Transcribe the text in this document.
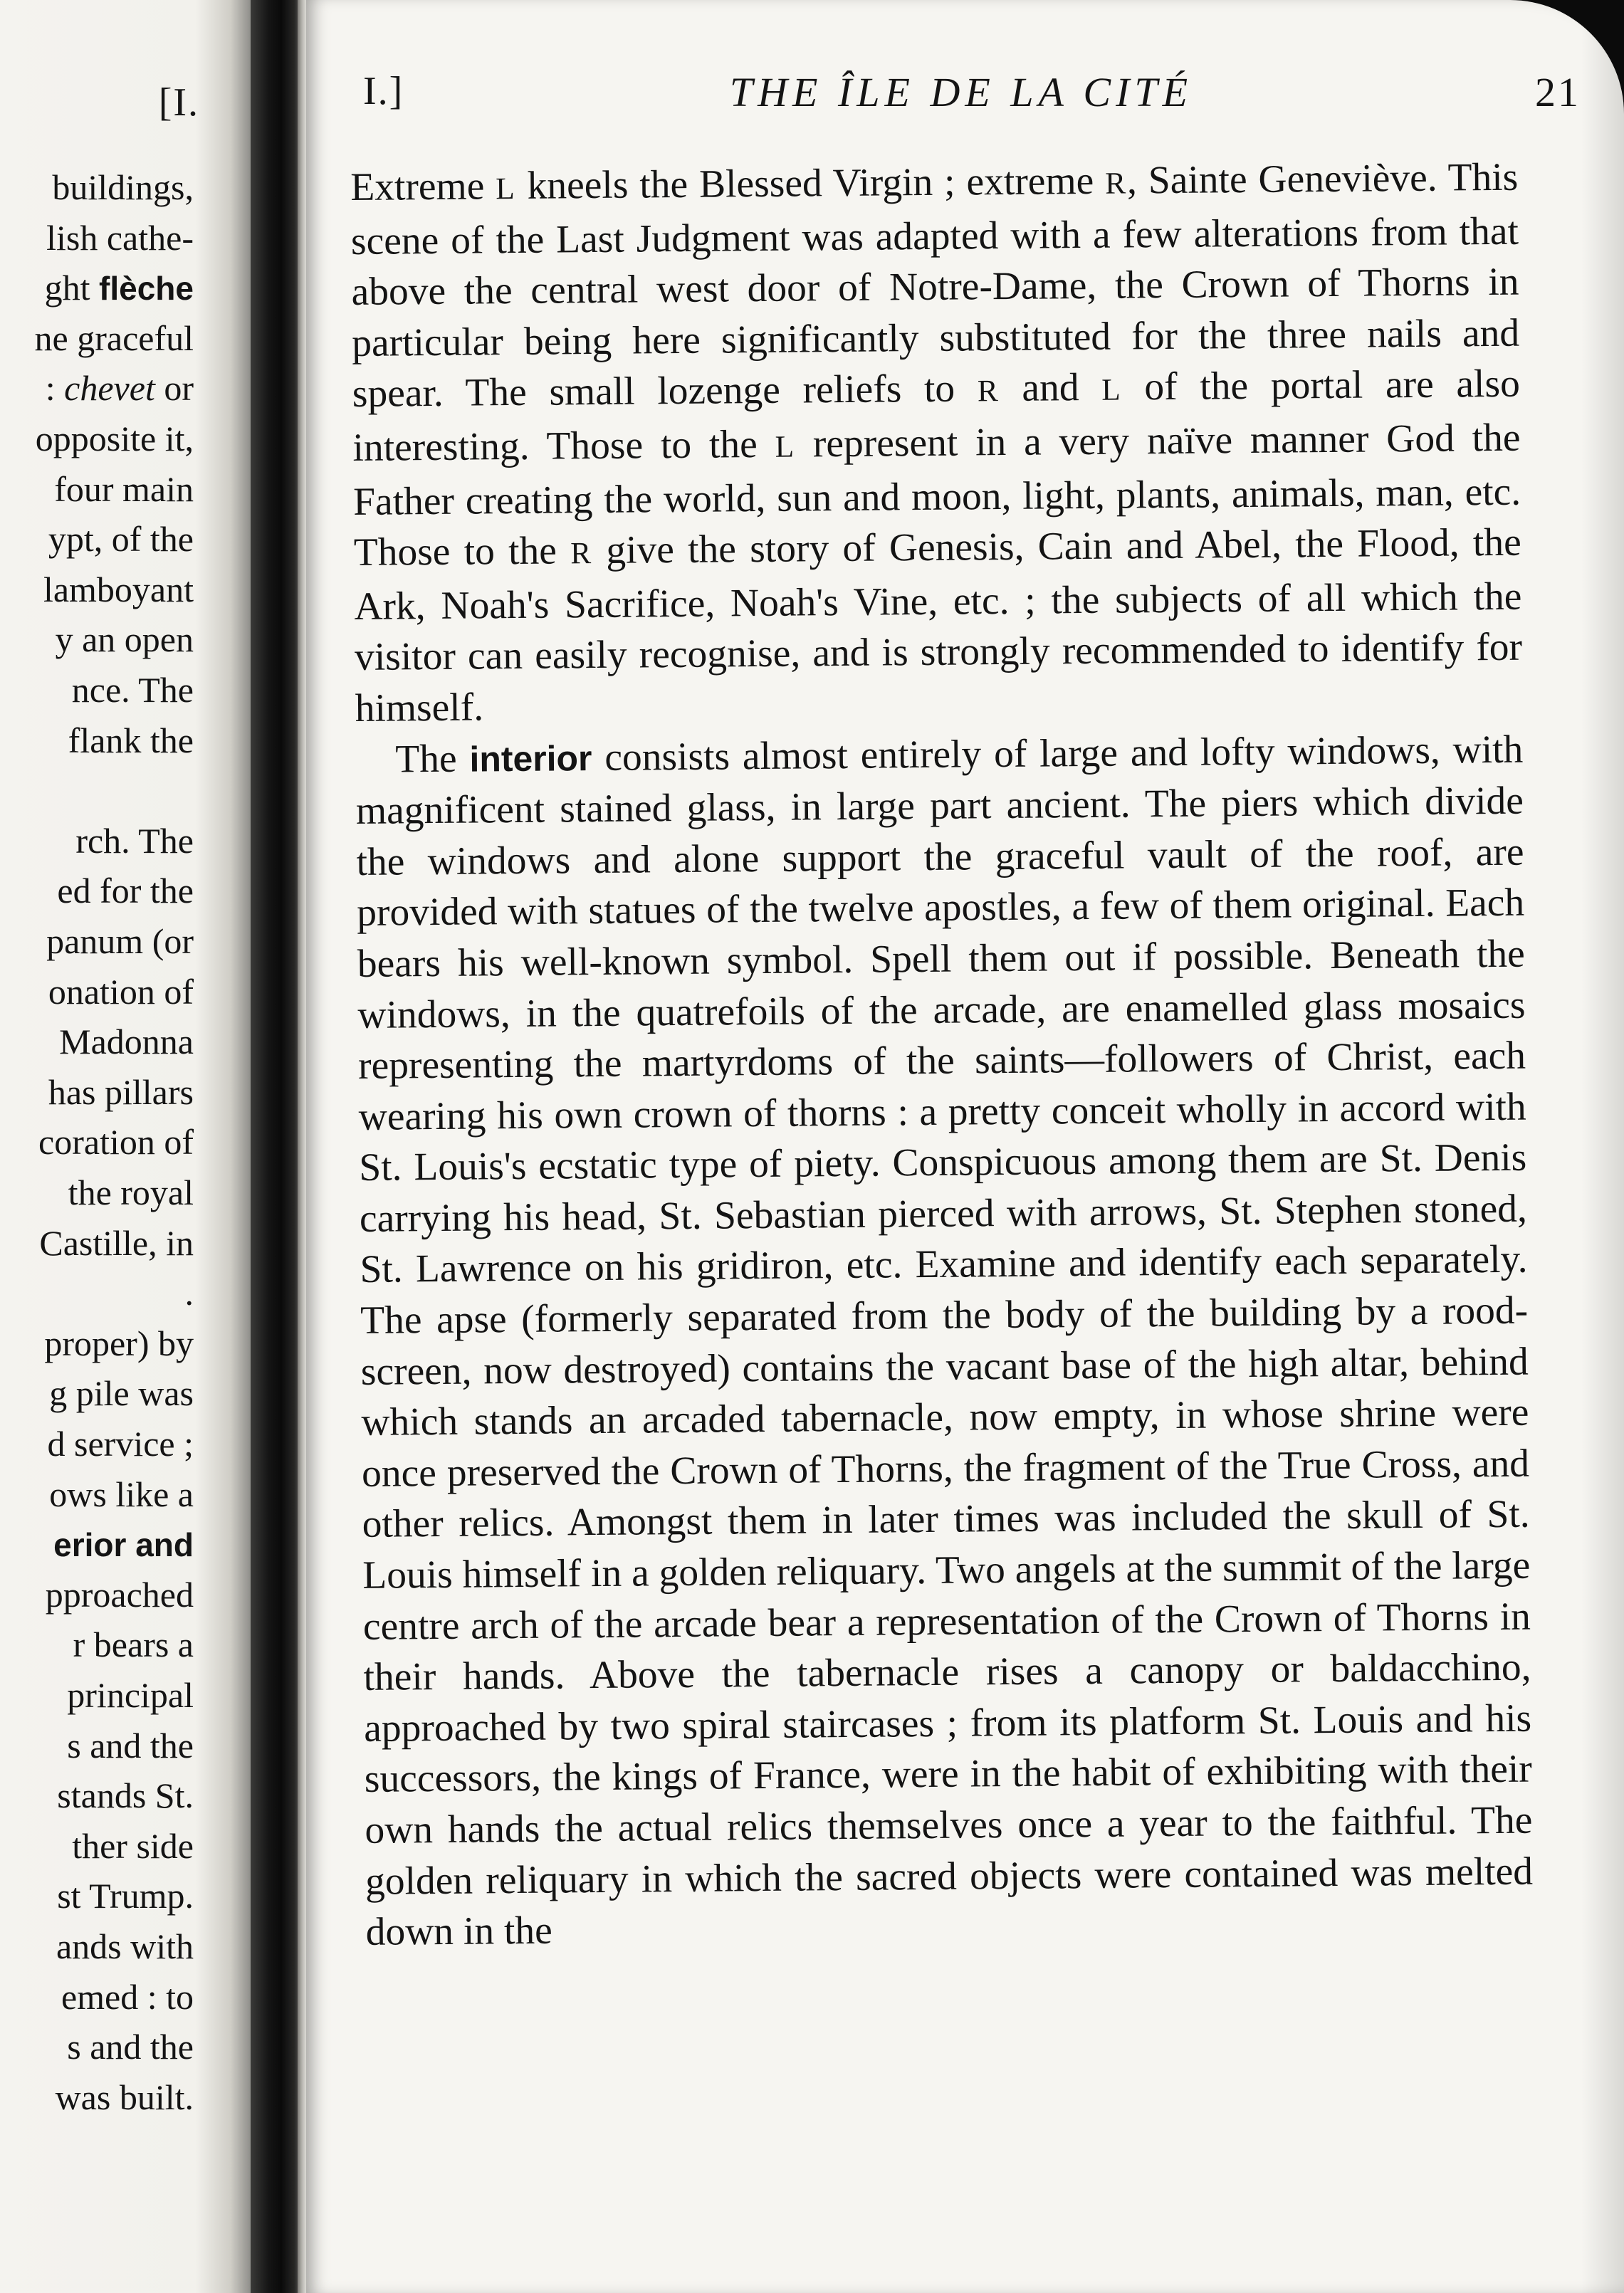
[I.
buildings,
lish cathe-
ght flèche
ne graceful
: chevet or
opposite it,
four main
ypt, of the
lamboyant
y an open
nce. The
flank the
rch. The
ed for the
panum (or
onation of
Madonna
has pillars
coration of
the royal
Castille, in
.
proper) by
g pile was
d service ;
ows like a
erior and
pproached
r bears a
principal
s and the
stands St.
ther side
st Trump.
ands with
emed : to
s and the
was built.
I.]	THE ÎLE DE LA CITÉ	21

Extreme L kneels the Blessed Virgin ; extreme R, Sainte Geneviève. This scene of the Last Judgment was adapted with a few alterations from that above the central west door of Notre-Dame, the Crown of Thorns in particular being here significantly substituted for the three nails and spear. The small lozenge reliefs to R and L of the portal are also interesting. Those to the L represent in a very naïve manner God the Father creating the world, sun and moon, light, plants, animals, man, etc. Those to the R give the story of Genesis, Cain and Abel, the Flood, the Ark, Noah's Sacrifice, Noah's Vine, etc. ; the subjects of all which the visitor can easily recognise, and is strongly recommended to identify for himself.

The interior consists almost entirely of large and lofty windows, with magnificent stained glass, in large part ancient. The piers which divide the windows and alone support the graceful vault of the roof, are provided with statues of the twelve apostles, a few of them original. Each bears his well-known symbol. Spell them out if possible. Beneath the windows, in the quatrefoils of the arcade, are enamelled glass mosaics representing the martyrdoms of the saints—followers of Christ, each wearing his own crown of thorns : a pretty conceit wholly in accord with St. Louis's ecstatic type of piety. Conspicuous among them are St. Denis carrying his head, St. Sebastian pierced with arrows, St. Stephen stoned, St. Lawrence on his gridiron, etc. Examine and identify each separately. The apse (formerly separated from the body of the building by a rood-screen, now destroyed) contains the vacant base of the high altar, behind which stands an arcaded tabernacle, now empty, in whose shrine were once preserved the Crown of Thorns, the fragment of the True Cross, and other relics. Amongst them in later times was included the skull of St. Louis himself in a golden reliquary. Two angels at the summit of the large centre arch of the arcade bear a representation of the Crown of Thorns in their hands. Above the tabernacle rises a canopy or baldacchino, approached by two spiral staircases ; from its platform St. Louis and his successors, the kings of France, were in the habit of exhibiting with their own hands the actual relics themselves once a year to the faithful. The golden reliquary in which the sacred objects were contained was melted down in the
